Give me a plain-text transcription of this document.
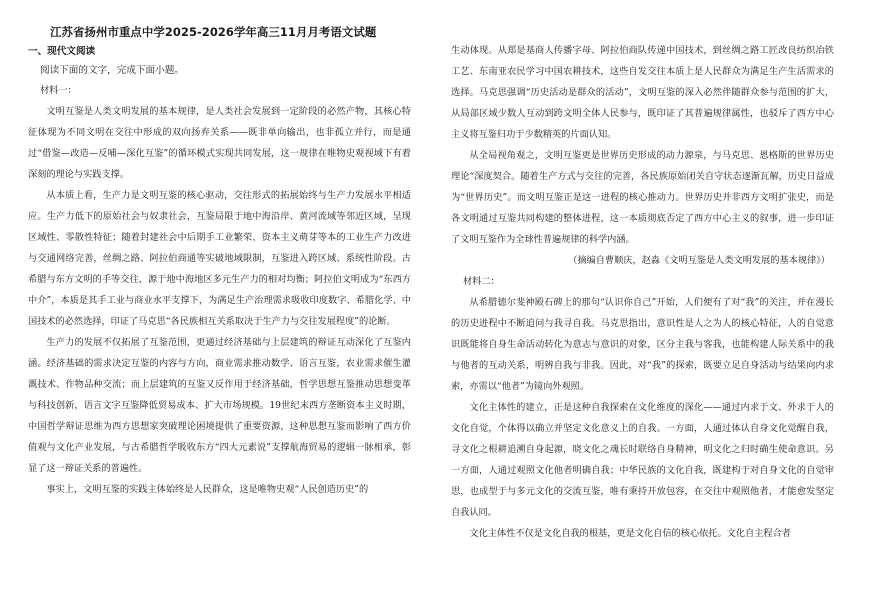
江苏省扬州市重点中学2025-2026学年高三11月月考语文试题
一、现代文阅读
阅读下面的文字，完成下面小题。
材料一：

文明互鉴是人类文明发展的基本规律，是人类社会发展到一定阶段的必然产物，其核心特征体现为不同文明在交往中形成的双向扬弃关系——既非单向输出，也非孤立并行，而是通过“借鉴—改造—反哺—深化互鉴”的循环模式实现共同发展，这一规律在唯物史观视域下有着深刻的理论与实践支撑。

从本质上看，生产力是文明互鉴的核心驱动，交往形式的拓展始终与生产力发展水平相适应。生产力低下的原始社会与奴隶社会，互鉴局限于地中海沿岸、黄河流域等邻近区域，呈现区域性、零散性特征；随着封建社会中后期手工业繁荣、资本主义萌芽等本的工业生产力改进与交通网络完善，丝绸之路、阿拉伯商通等实破地域限制，互鉴进入跨区域、系统性阶段。古希腊与东方文明的手等交往，源于地中海地区多元生产力的相对均衡；阿拉伯文明成为“东西方中介”，本质是其手工业与商业水平支撑下，为满足生产治理需求吸收印度数字、希腊化学、中国技术的必然选择，印证了马克思“各民族相互关系取决于生产力与交往发展程度”的论断。

生产力的发展不仅拓展了互鉴范围，更通过经济基础与上层建筑的辩证互动深化了互鉴内涵。经济基础的需求决定互鉴的内容与方向，商业需求推动数学、语言互鉴，农业需求催生灌溉技术、作物品种交流；而上层建筑的互鉴又反作用于经济基础，哲学思想互鉴推动思想变革与科技创新，语言文字互鉴降低贸易成本、扩大市场规模。19世纪末西方垄断资本主义时期，中国哲学辩证思维为西方思想家突破理论困境提供了重要资源，这种思想互鉴而影响了西方价值观与文化产业发展，与古希腊哲学吸收东方“四大元素说”支撑航海贸易的逻辑一脉相承，彰显了这一辩证关系的普遍性。

事实上，文明互鉴的实践主体始终是人民群众，这是唯物史观“人民创造历史”的

生动体现。从郑是基商人传播字母、阿拉伯商队传递中国技术，到丝绸之路工匠改良纺织冶铁工艺、东南亚农民学习中国农耕技术，这些自发交往本质上是人民群众为满足生产生活需求的选择。马克思强调“历史活动是群众的活动”，文明互鉴的深入必然伴随群众参与范围的扩大，从局部区域少数人互动到跨文明全体人民参与，既印证了其普遍规律属性，也驳斥了西方中心主义将互鉴归功于少数精英的片面认知。

从全局视角观之，文明互鉴更是世界历史形成的动力源泉，与马克思、恩格斯的世界历史理论“深度契合。随着生产方式与交往的完善，各民族原始闭关自守状态逐渐瓦解，历史日益成为“世界历史”。而文明互鉴正是这一进程的核心推动力。世界历史并非西方文明扩张史，而是各文明通过互鉴共同构建的整体进程，这一本质彻底否定了西方中心主义的叙事，进一步印证了文明互鉴作为全球性普遍规律的科学内涵。

（摘编自曹顺庆，赵淼《文明互鉴是人类文明发展的基本规律》）

材料二：

从希腊德尔斐神殿石碑上的那句“认识你自己”开始，人们便有了对“我”的关注，并在漫长的历史进程中不断追问与我寻自我。马克思指出，意识性是人之为人的核心特征，人的自觉意识既能将自身生命活动转化为意志与意识的对象，区分主我与客我，也能构建人际关系中的我与他者的互动关系，明辨自我与非我。因此，对“我”的探索，既要立足自身活动与结果向内求索，亦需以“他者”为镜向外观照。

文化主体性的建立，正是这种自我探索在文化维度的深化——通过内求于文、外求于人的文化自觉，个体得以确立并坚定文化意义上的自我。一方面，人通过体认自身文化觉醒自我，寻文化之根耕追溯自身起源，晓文化之魂长时联络自身精神，明文化之归时确生使命意识。另一方面，人通过观照文化他者明确自我；中华民族的文化自我，既建构于对自身文化的自觉审思，也成型于与多元文化的交流互鉴，唯有秉持开放包容，在交往中观照他者，才能愈发坚定自我认同。

文化主体性不仅是文化自我的根基，更是文化自信的核心依托。文化自主程合者
